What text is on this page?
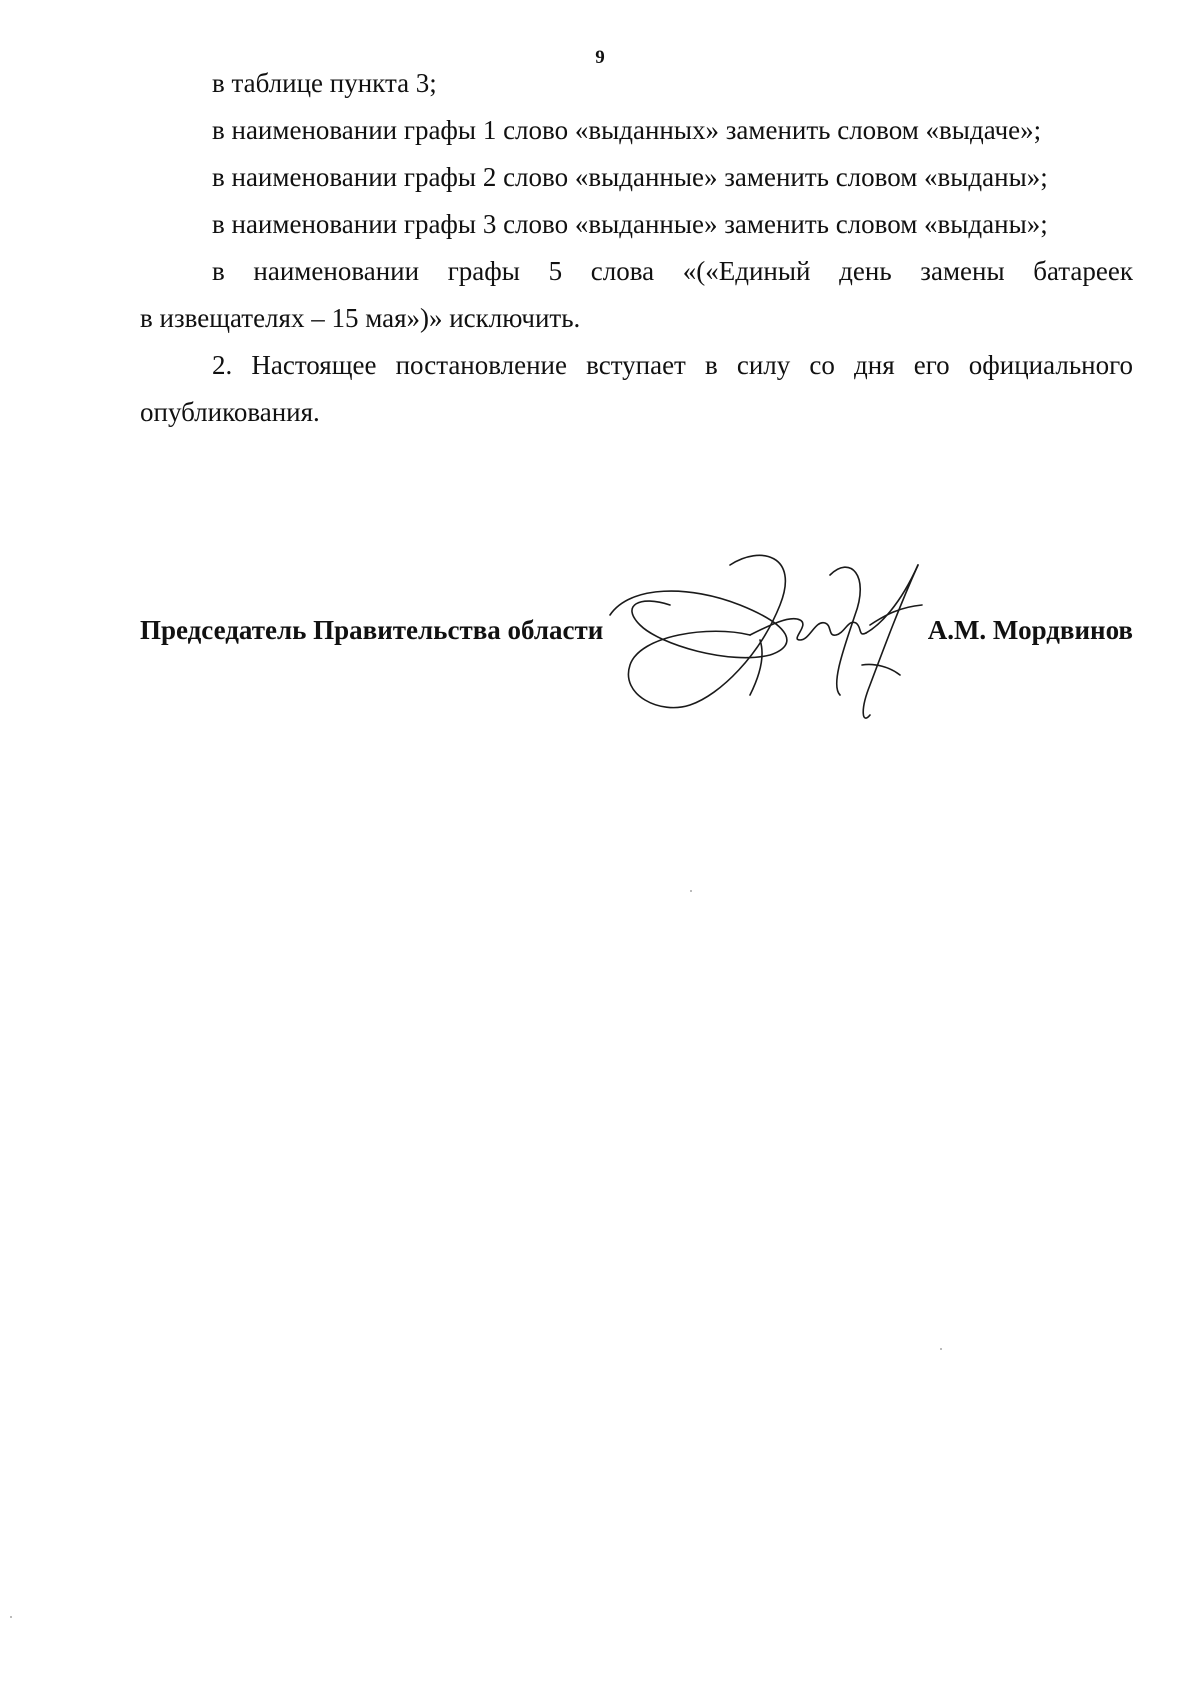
9

в таблице пункта 3;

в наименовании графы 1 слово «выданных» заменить словом «выдаче»;

в наименовании графы 2 слово «выданные» заменить словом «выданы»;

в наименовании графы 3 слово «выданные» заменить словом «выданы»;

в наименовании графы 5 слова «(«Единый день замены батареек

в извещателях – 15 мая»)» исключить.

2. Настоящее постановление вступает в силу со дня его официального опубликования.

Председатель Правительства области	А.М. Мордвинов
